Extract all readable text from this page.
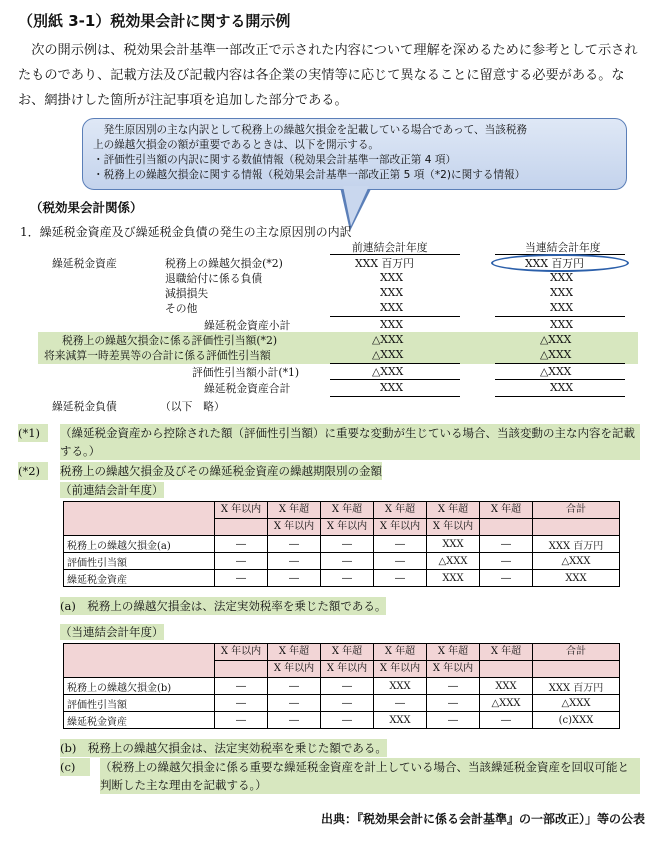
（別紙 3-1）税効果会計に関する開示例

次の開示例は、税効果会計基準一部改正で示された内容について理解を深めるために参考として示されたものであり、記載方法及び記載内容は各企業の実情等に応じて異なることに留意する必要がある。なお、網掛けした箇所が注記事項を追加した部分である。

発生原因別の主な内訳として税務上の繰越欠損金を記載している場合であって、当該税務
上の繰越欠損金の額が重要であるときは、以下を開示する。
・評価性引当額の内訳に関する数値情報（税効果会計基準一部改正第 4 項）
・税務上の繰越欠損金に関する情報（税効果会計基準一部改正第 5 項（*2)に関する情報）
（税効果会計関係）
1．繰延税金資産及び繰延税金負債の発生の主な原因別の内訳
前連結会計年度	当連結会計年度
繰延税金資産	税務上の繰越欠損金(*2)	XXX 百万円	XXX 百万円
退職給付に係る負債	XXX	XXX
減損損失	XXX	XXX
その他	XXX	XXX
繰延税金資産小計	XXX	XXX
税務上の繰越欠損金に係る評価性引当額(*2)	△XXX	△XXX
将来減算一時差異等の合計に係る評価性引当額	△XXX	△XXX
評価性引当額小計(*1)	△XXX	△XXX
繰延税金資産合計	XXX	XXX
繰延税金負債	（以下　略）
(*1)	（繰延税金資産から控除された額（評価性引当額）に重要な変動が生じている場合、当該変動の主な内容を記載する。）
(*2)	税務上の繰越欠損金及びその繰延税金資産の繰越期限別の金額
（前連結会計年度）
	X 年以内	X 年超	X 年超	X 年超	X 年超	X 年超	合計
		X 年以内	X 年以内	X 年以内	X 年以内		
税務上の繰越欠損金(a)	―	―	―	―	XXX	―	XXX 百万円
評価性引当額	―	―	―	―	△XXX	―	△XXX
繰延税金資産	―	―	―	―	XXX	―	XXX
(a)　税務上の繰越欠損金は、法定実効税率を乗じた額である。
（当連結会計年度）
	X 年以内	X 年超	X 年超	X 年超	X 年超	X 年超	合計
		X 年以内	X 年以内	X 年以内	X 年以内		
税務上の繰越欠損金(b)	―	―	―	XXX	―	XXX	XXX 百万円
評価性引当額	―	―	―	―	―	△XXX	△XXX
繰延税金資産	―	―	―	XXX	―	―	(c)XXX
(b)　税務上の繰越欠損金は、法定実効税率を乗じた額である。
(c)	（税務上の繰越欠損金に係る重要な繰延税金資産を計上している場合、当該繰延税金資産を回収可能と判断した主な理由を記載する。）
出典：『税効果会計に係る会計基準』の一部改正）」等の公表
